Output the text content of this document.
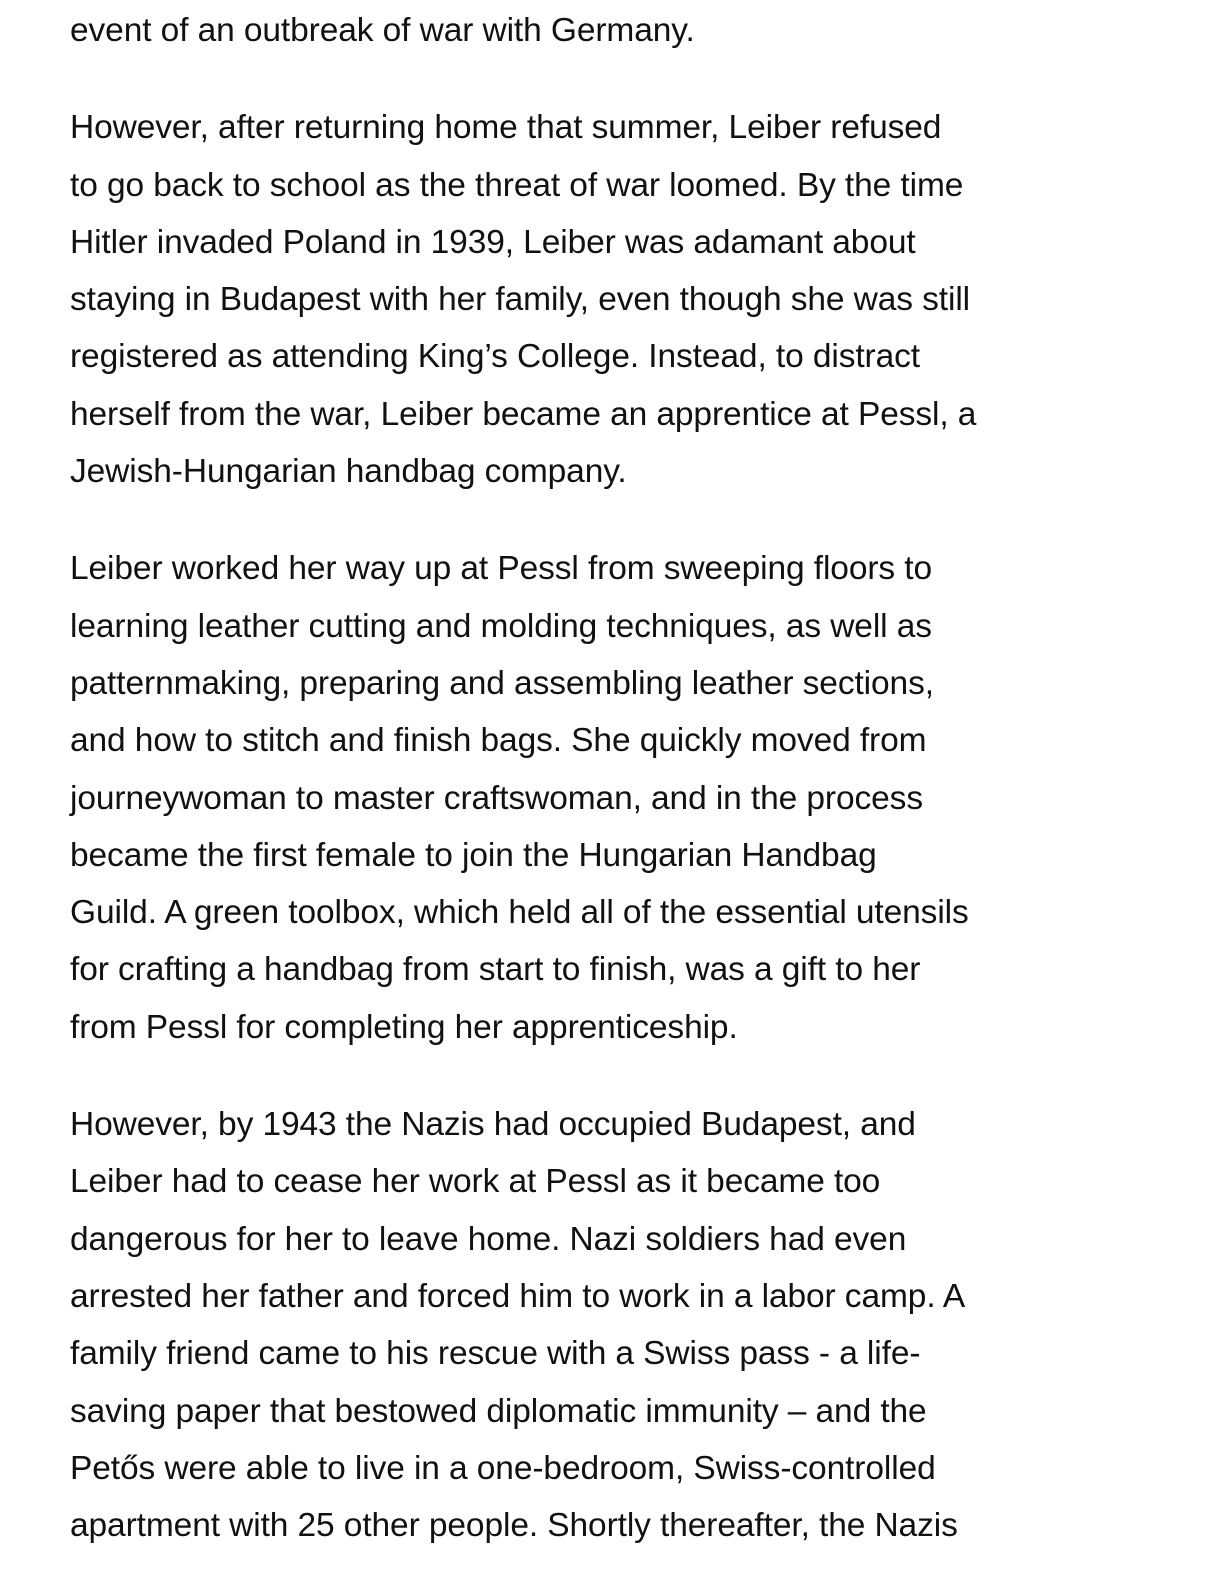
event of an outbreak of war with Germany.
However, after returning home that summer, Leiber refused
to go back to school as the threat of war loomed. By the time
Hitler invaded Poland in 1939, Leiber was adamant about
staying in Budapest with her family, even though she was still
registered as attending King’s College. Instead, to distract
herself from the war, Leiber became an apprentice at Pessl, a
Jewish-Hungarian handbag company.
Leiber worked her way up at Pessl from sweeping floors to
learning leather cutting and molding techniques, as well as
patternmaking, preparing and assembling leather sections,
and how to stitch and finish bags. She quickly moved from
journeywoman to master craftswoman, and in the process
became the first female to join the Hungarian Handbag
Guild. A green toolbox, which held all of the essential utensils
for crafting a handbag from start to finish, was a gift to her
from Pessl for completing her apprenticeship.
However, by 1943 the Nazis had occupied Budapest, and
Leiber had to cease her work at Pessl as it became too
dangerous for her to leave home. Nazi soldiers had even
arrested her father and forced him to work in a labor camp. A
family friend came to his rescue with a Swiss pass - a life-
saving paper that bestowed diplomatic immunity – and the
Petős were able to live in a one-bedroom, Swiss-controlled
apartment with 25 other people. Shortly thereafter, the Nazis
